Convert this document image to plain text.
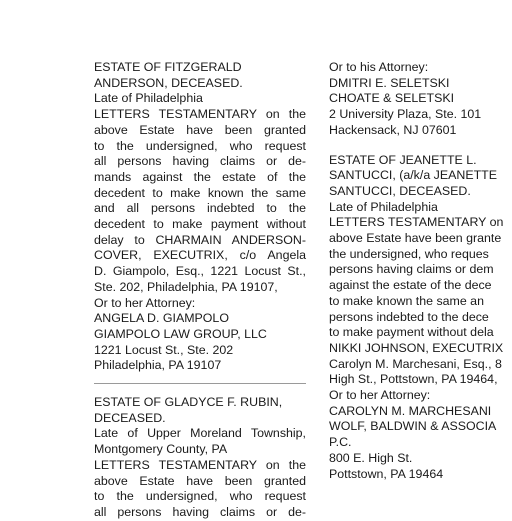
ESTATE OF FITZGERALD
ANDERSON, DECEASED.
Late of Philadelphia
LETTERS TESTAMENTARY on the
above Estate have been granted
to the undersigned, who request
all persons having claims or de-
mands against the estate of the
decedent to make known the same
and all persons indebted to the
decedent to make payment without
delay to CHARMAIN ANDERSON-
COVER, EXECUTRIX, c/o Angela
D. Giampolo, Esq., 1221 Locust St.,
Ste. 202, Philadelphia, PA 19107,
Or to her Attorney:
ANGELA D. GIAMPOLO
GIAMPOLO LAW GROUP, LLC
1221 Locust St., Ste. 202
Philadelphia, PA 19107
ESTATE OF GLADYCE F. RUBIN,
DECEASED.
Late of Upper Moreland Township,
Montgomery County, PA
LETTERS TESTAMENTARY on the
above Estate have been granted
to the undersigned, who request
all persons having claims or de-
Or to his Attorney:
DMITRI E. SELETSKI
CHOATE & SELETSKI
2 University Plaza, Ste. 101
Hackensack, NJ 07601
ESTATE OF JEANETTE L.
SANTUCCI, (a/k/a JEANETTE
SANTUCCI, DECEASED.
Late of Philadelphia
LETTERS TESTAMENTARY on
above Estate have been grante
the undersigned, who reques
persons having claims or dem
against the estate of the dece
to make known the same an
persons indebted to the dece
to make payment without dela
NIKKI JOHNSON, EXECUTRIX
Carolyn M. Marchesani, Esq., 8
High St., Pottstown, PA 19464,
Or to her Attorney:
CAROLYN M. MARCHESANI
WOLF, BALDWIN & ASSOCIA
P.C.
800 E. High St.
Pottstown, PA 19464
